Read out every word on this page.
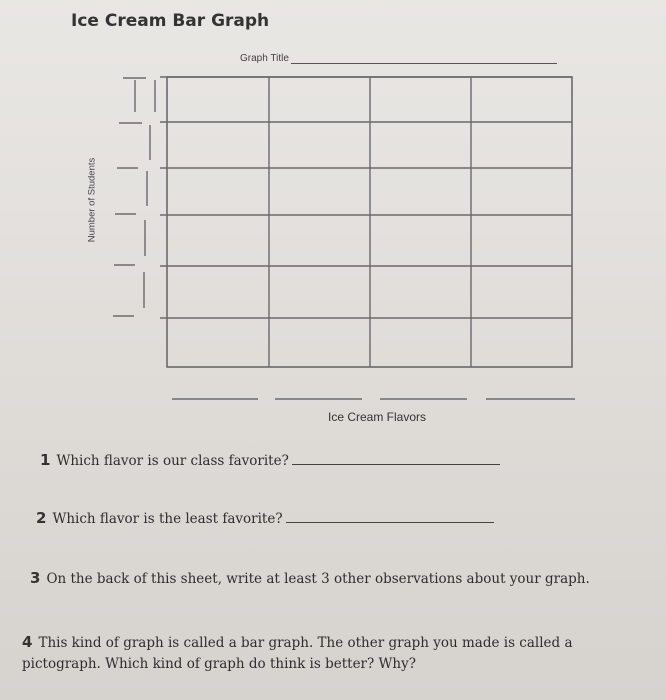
Ice Cream Bar Graph
Graph Title
Number of Students
Ice Cream Flavors
1 Which flavor is our class favorite?
2 Which flavor is the least favorite?
3 On the back of this sheet, write at least 3 other observations about your graph.
4 This kind of graph is called a bar graph. The other graph you made is called a pictograph. Which kind of graph do think is better? Why?
